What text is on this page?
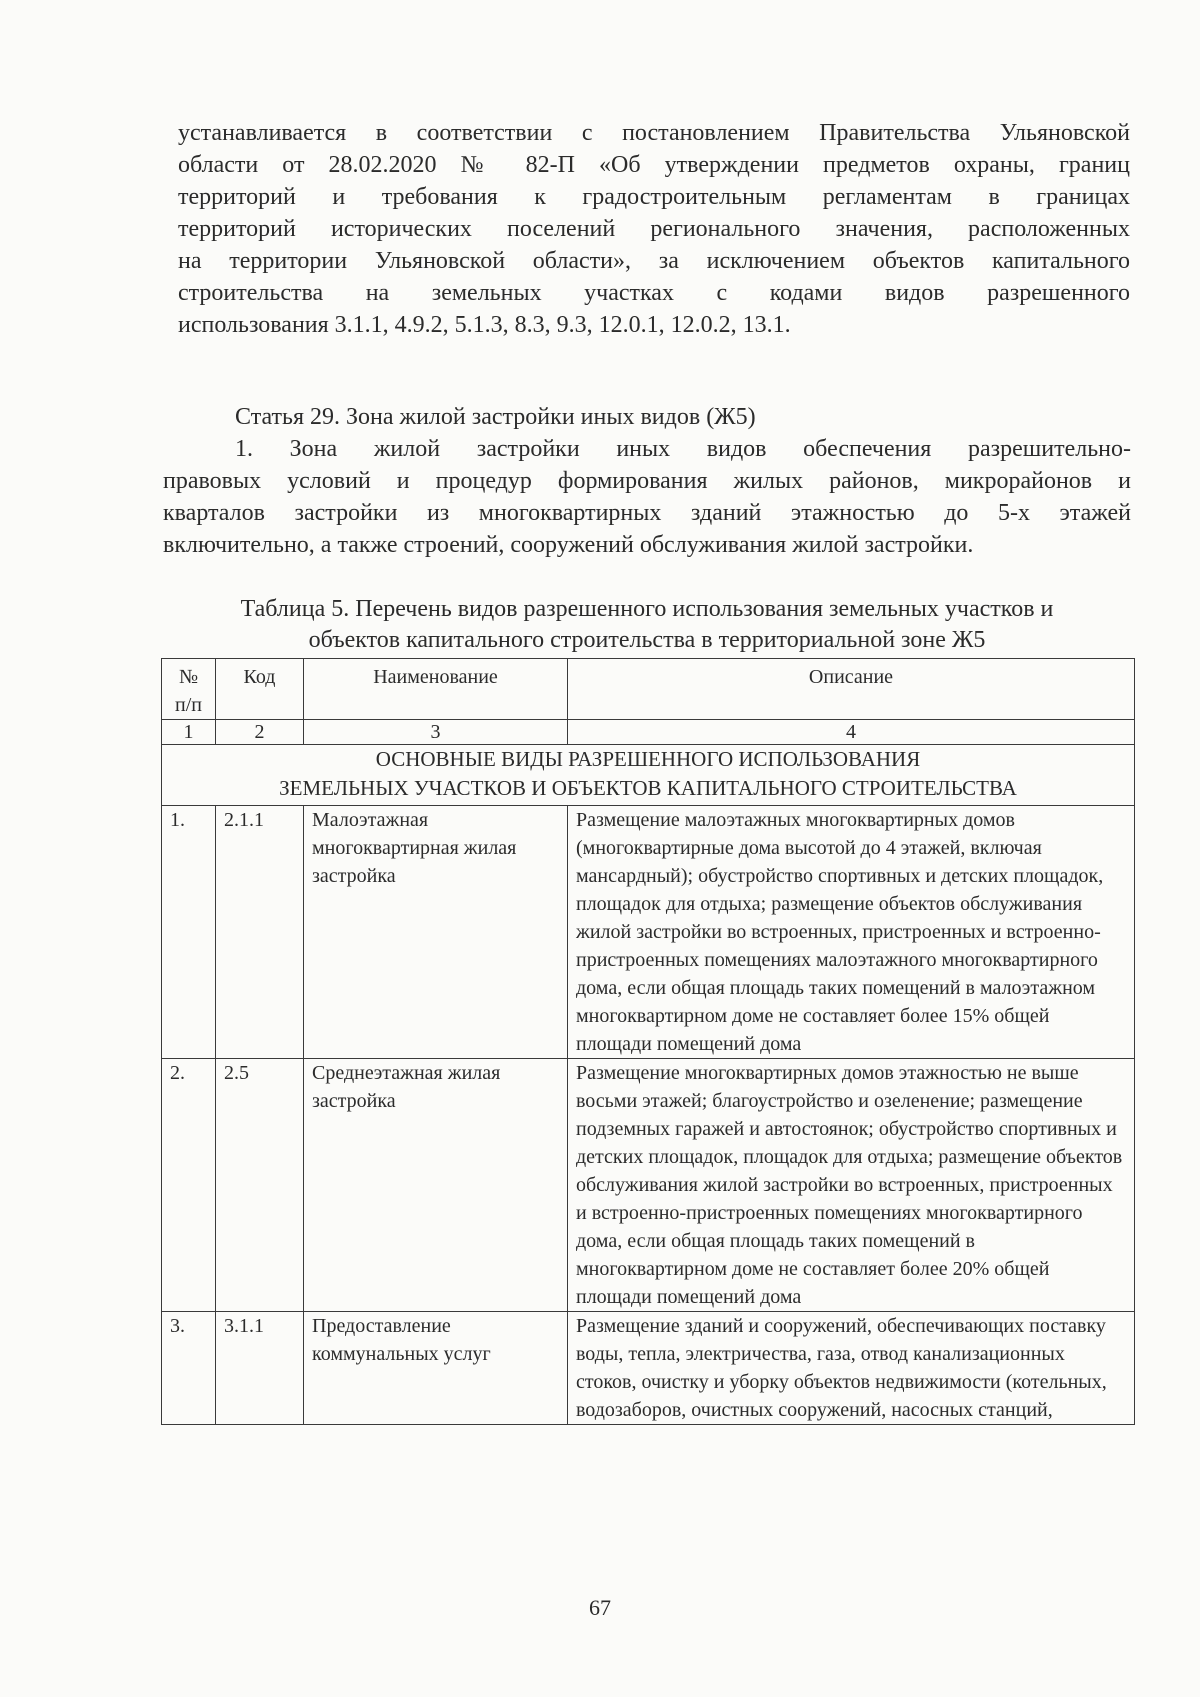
устанавливается в соответствии с постановлением Правительства Ульяновской
области от 28.02.2020 № 82-П «Об утверждении предметов охраны, границ
территорий и требования к градостроительным регламентам в границах
территорий исторических поселений регионального значения, расположенных
на территории Ульяновской области», за исключением объектов капитального
строительства на земельных участках с кодами видов разрешенного
использования 3.1.1, 4.9.2, 5.1.3, 8.3, 9.3, 12.0.1, 12.0.2, 13.1.
Статья 29. Зона жилой застройки иных видов (Ж5)
1. Зона жилой застройки иных видов обеспечения разрешительно-
правовых условий и процедур формирования жилых районов, микрорайонов и
кварталов застройки из многоквартирных зданий этажностью до 5-х этажей
включительно, а также строений, сооружений обслуживания жилой застройки.
Таблица 5. Перечень видов разрешенного использования земельных участков и
объектов капитального строительства в территориальной зоне Ж5
№ п/п	Код	Наименование	Описание
1	2	3	4

ОСНОВНЫЕ ВИДЫ РАЗРЕШЕННОГО ИСПОЛЬЗОВАНИЯ
ЗЕМЕЛЬНЫХ УЧАСТКОВ И ОБЪЕКТОВ КАПИТАЛЬНОГО СТРОИТЕЛЬСТВА			

1.	2.1.1	Малоэтажная многоквартирная жилая застройка	Размещение малоэтажных многоквартирных домов (многоквартирные дома высотой до 4 этажей, включая мансардный); обустройство спортивных и детских площадок, площадок для отдыха; размещение объектов обслуживания жилой застройки во встроенных, пристроенных и встроенно-пристроенных помещениях малоэтажного многоквартирного дома, если общая площадь таких помещений в малоэтажном многоквартирном доме не составляет более 15% общей площади помещений дома
2.	2.5	Среднеэтажная жилая застройка	Размещение многоквартирных домов этажностью не выше восьми этажей; благоустройство и озеленение; размещение подземных гаражей и автостоянок; обустройство спортивных и детских площадок, площадок для отдыха; размещение объектов обслуживания жилой застройки во встроенных, пристроенных и встроенно-пристроенных помещениях многоквартирного дома, если общая площадь таких помещений в многоквартирном доме не составляет более 20% общей площади помещений дома
3.	3.1.1	Предоставление коммунальных услуг	Размещение зданий и сооружений, обеспечивающих поставку воды, тепла, электричества, газа, отвод канализационных стоков, очистку и уборку объектов недвижимости (котельных, водозаборов, очистных сооружений, насосных станций,
67
